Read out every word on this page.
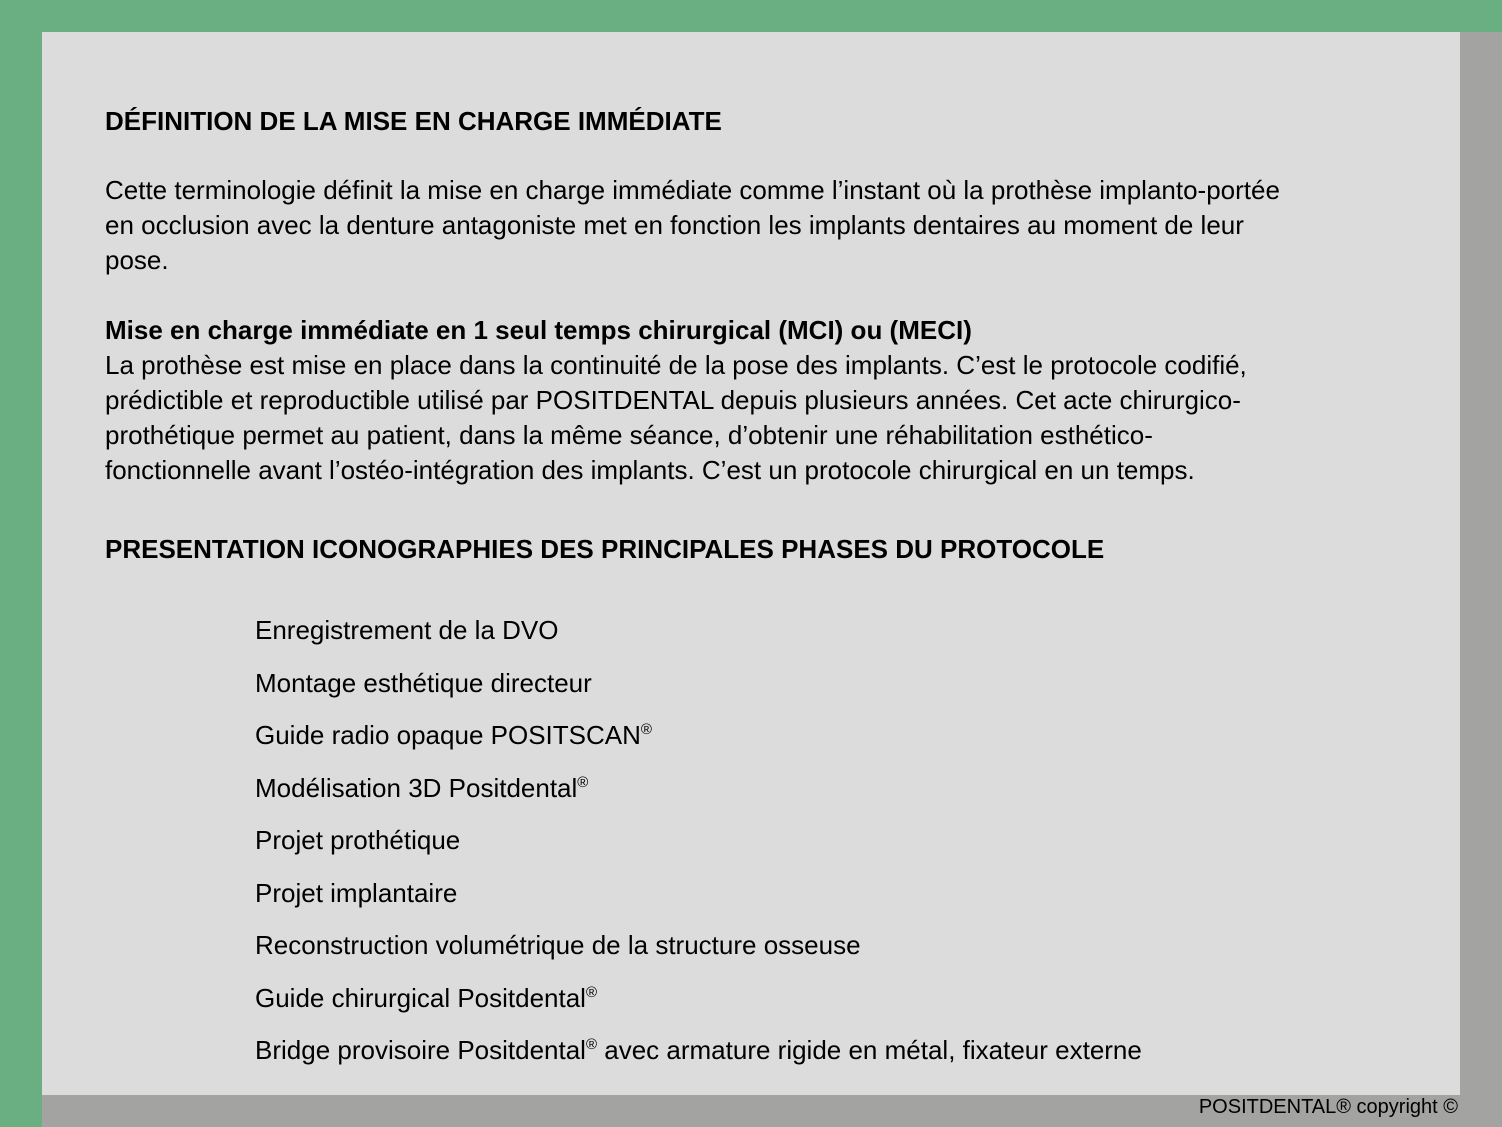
DÉFINITION DE LA MISE EN CHARGE IMMÉDIATE

Cette terminologie définit la mise en charge immédiate comme l’instant où la prothèse implanto-portée
en occlusion avec la denture antagoniste met en fonction les implants dentaires au moment de leur
pose.

Mise en charge immédiate en 1 seul temps chirurgical (MCI) ou (MECI)

La prothèse est mise en place dans la continuité de la pose des implants. C’est le protocole codifié,
prédictible et reproductible utilisé par POSITDENTAL depuis plusieurs années. Cet acte chirurgico-
prothétique permet au patient, dans la même séance, d’obtenir une réhabilitation esthético-
fonctionnelle avant l’ostéo-intégration des implants. C’est un protocole chirurgical en un temps.

PRESENTATION ICONOGRAPHIES DES PRINCIPALES PHASES DU PROTOCOLE
Enregistrement de la DVO
Montage esthétique directeur
Guide radio opaque POSITSCAN®
Modélisation 3D Positdental®
Projet prothétique
Projet implantaire
Reconstruction volumétrique de la structure osseuse
Guide chirurgical Positdental®
Bridge provisoire Positdental® avec armature rigide en métal, fixateur externe
POSITDENTAL® copyright ©
